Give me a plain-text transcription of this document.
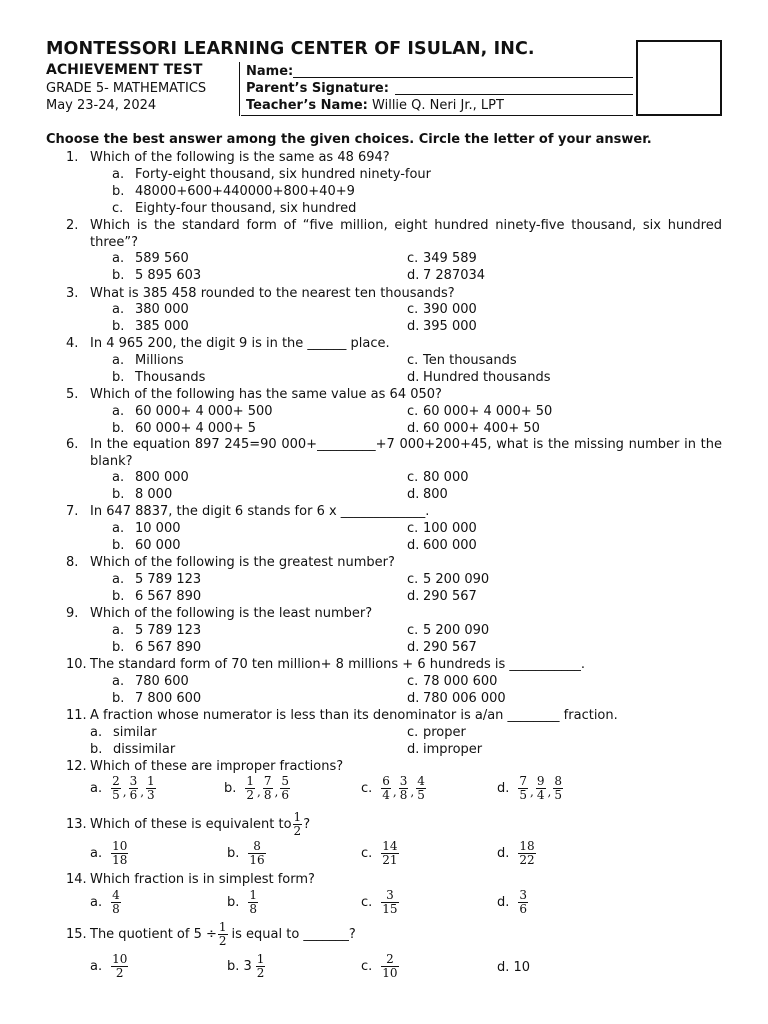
MONTESSORI LEARNING CENTER OF ISULAN, INC.
ACHIEVEMENT TEST
GRADE 5- MATHEMATICS
May 23-24, 2024
Name:
Parent’s Signature:
Teacher’s Name: Willie Q. Neri Jr., LPT
Choose the best answer among the given choices. Circle the letter of your answer.
1. Which of the following is the same as 48 694?
a. Forty-eight thousand, six hundred ninety-four
b. 48000+600+440000+800+40+9
c. Eighty-four thousand, six hundred
2. Which is the standard form of “five million, eight hundred ninety-five thousand, six hundred three”?
a. 589 560	c. 349 589
b. 5 895 603	d. 7 287034
3. What is 385 458 rounded to the nearest ten thousands?
a. 380 000	c. 390 000
b. 385 000	d. 395 000
4. In 4 965 200, the digit 9 is in the ______ place.
a. Millions	c. Ten thousands
b. Thousands	d. Hundred thousands
5. Which of the following has the same value as 64 050?
a. 60 000+ 4 000+ 500	c. 60 000+ 4 000+ 50
b. 60 000+ 4 000+ 5	d. 60 000+ 400+ 50
6. In the equation 897 245=90 000+_________+7 000+200+45, what is the missing number in the blank?
a. 800 000	c. 80 000
b. 8 000	d. 800
7. In 647 8837, the digit 6 stands for 6 x _____________.
a. 10 000	c. 100 000
b. 60 000	d. 600 000
8. Which of the following is the greatest number?
a. 5 789 123	c. 5 200 090
b. 6 567 890	d. 290 567
9. Which of the following is the least number?
a. 5 789 123	c. 5 200 090
b. 6 567 890	d. 290 567
10. The standard form of 70 ten million+ 8 millions + 6 hundreds is ___________.
a. 780 600	c. 78 000 600
b. 7 800 600	d. 780 006 000
11. A fraction whose numerator is less than its denominator is a/an ________ fraction.
a. similar	c. proper
b. dissimilar	d. improper
12. Which of these are improper fractions?
a. $\frac{2}{5}$ , $\frac{3}{6}$ , $\frac{1}{3}$	b. $\frac{1}{2}$ , $\frac{7}{8}$ , $\frac{5}{6}$	c. $\frac{6}{4}$ , $\frac{3}{8}$ , $\frac{4}{5}$	d. $\frac{7}{5}$ , $\frac{9}{4}$ , $\frac{8}{5}$
13. Which of these is equivalent to $\frac{1}{2}$ ?
a. $\frac{10}{18}$	b. $\frac{8}{16}$	c. $\frac{14}{21}$	d. $\frac{18}{22}$
14. Which fraction is in simplest form?
a. $\frac{4}{8}$	b. $\frac{1}{8}$	c. $\frac{3}{15}$	d. $\frac{3}{6}$
15. The quotient of $5 \div \frac{1}{2}$ is equal to _______?
a. $\frac{10}{2}$	b. $3 \frac{1}{2}$	c. $\frac{2}{10}$	d. 10
